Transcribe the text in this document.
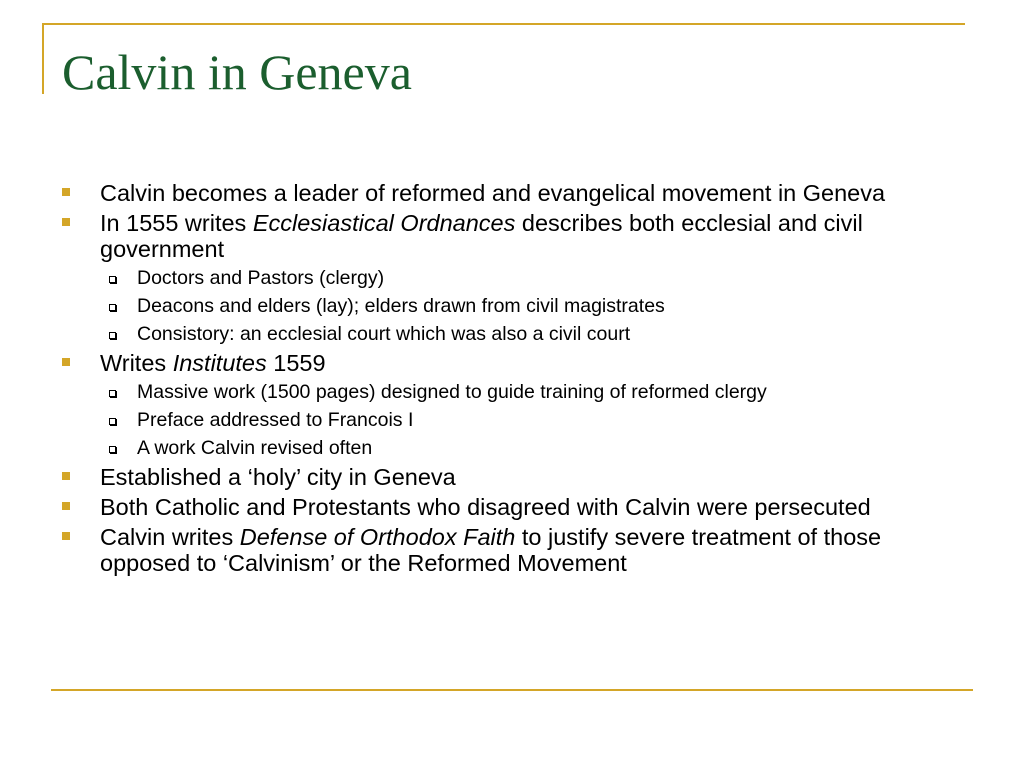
Calvin in Geneva
Calvin becomes a leader of reformed and evangelical movement in Geneva
In 1555 writes Ecclesiastical Ordnances describes both ecclesial and civil government
Doctors and Pastors (clergy)
Deacons and elders (lay); elders drawn from civil magistrates
Consistory: an ecclesial court which was also a civil court
Writes Institutes 1559
Massive work (1500 pages) designed to guide training of reformed clergy
Preface addressed to Francois I
A work Calvin revised often
Established a ‘holy’ city in Geneva
Both Catholic and Protestants who disagreed with Calvin were persecuted
Calvin writes Defense of Orthodox Faith to justify severe treatment of those opposed to ‘Calvinism’ or the Reformed Movement
